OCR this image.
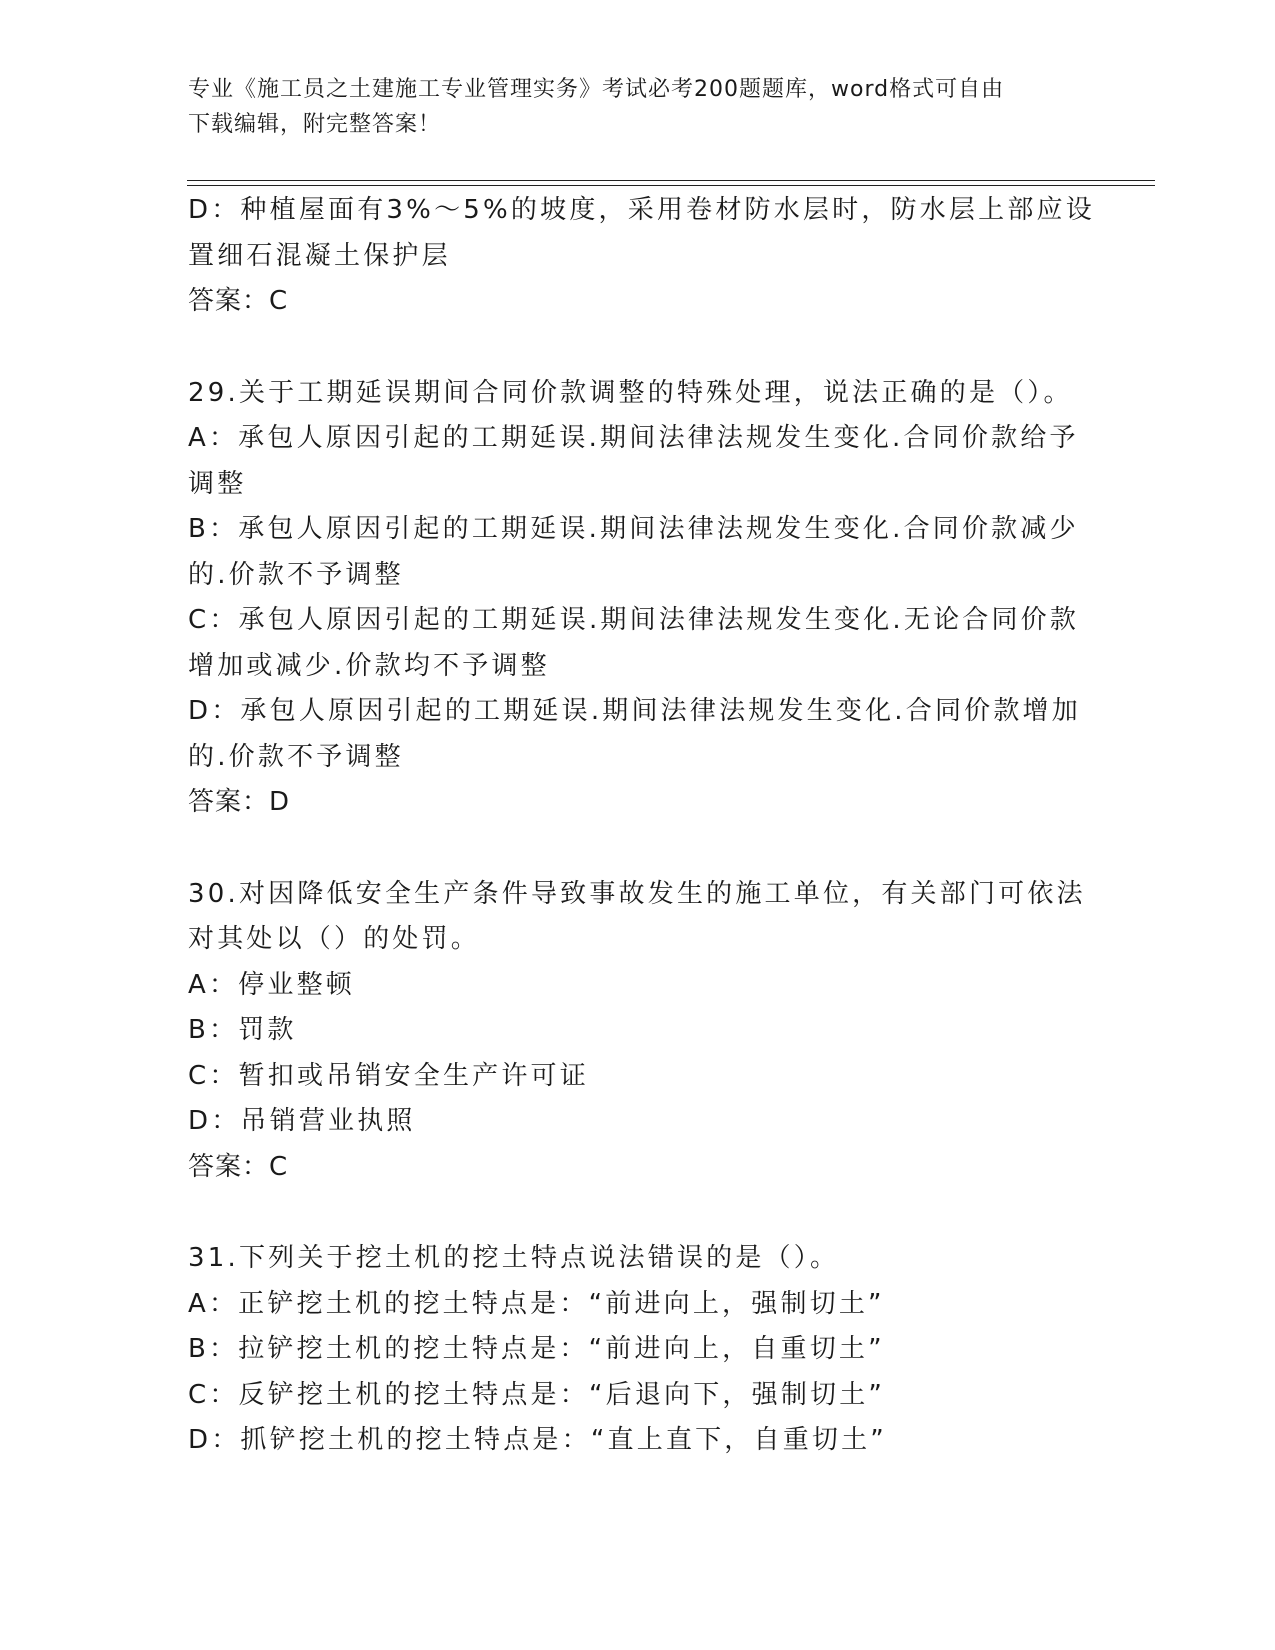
专业《施工员之土建施工专业管理实务》考试必考200题题库，word格式可自由
下载编辑，附完整答案！
D：种植屋面有3%～5%的坡度，采用卷材防水层时，防水层上部应设
置细石混凝土保护层
答案：C
29.关于工期延误期间合同价款调整的特殊处理，说法正确的是（）。
A：承包人原因引起的工期延误.期间法律法规发生变化.合同价款给予
调整
B：承包人原因引起的工期延误.期间法律法规发生变化.合同价款减少
的.价款不予调整
C：承包人原因引起的工期延误.期间法律法规发生变化.无论合同价款
增加或减少.价款均不予调整
D：承包人原因引起的工期延误.期间法律法规发生变化.合同价款增加
的.价款不予调整
答案：D
30.对因降低安全生产条件导致事故发生的施工单位，有关部门可依法
对其处以（）的处罚。
A：停业整顿
B：罚款
C：暂扣或吊销安全生产许可证
D：吊销营业执照
答案：C
31.下列关于挖土机的挖土特点说法错误的是（）。
A：正铲挖土机的挖土特点是：“前进向上，强制切土”
B：拉铲挖土机的挖土特点是：“前进向上，自重切土”
C：反铲挖土机的挖土特点是：“后退向下，强制切土”
D：抓铲挖土机的挖土特点是：“直上直下，自重切土”
